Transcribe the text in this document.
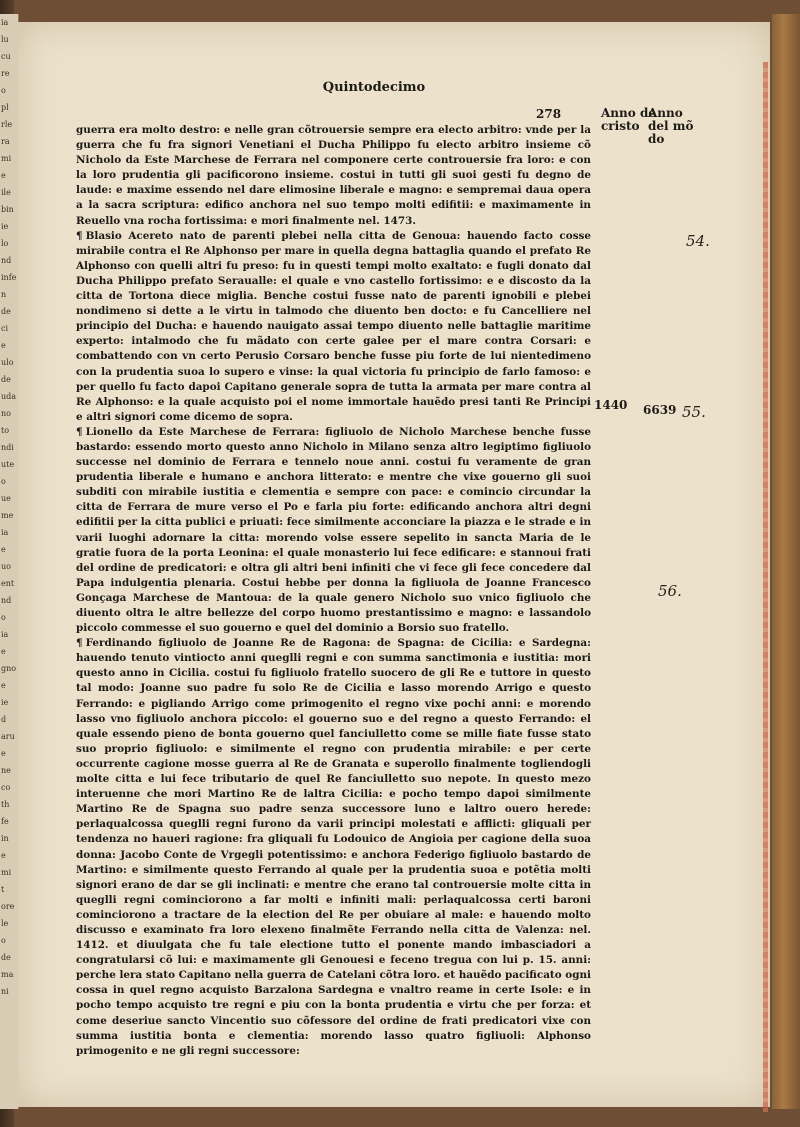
ia
lu
cu
re
o
pl
rle
ra
mi
e
ile
bin
ie
lo
nd
infe
n
de
ci
e
ulo
de
uda
no
to
ndi
ute
o
ue
me
ia
e
uo
ent
nd
o
ia
e
gno
e
ie
d
aru
e
ne
co
th
fe
in
e
mi
t
ore
le
o
de
ma
ni
Quintodecimo
278	Anno de cristo
Anno del mõ do

guerra era molto destro: e nelle gran cõtrouersie sempre era electo arbitro: vnde per la guerra che fu fra signori Venetiani el Ducha Philippo fu electo arbitro insieme cõ Nicholo da Este Marchese de Ferrara nel componere certe controuersie fra loro: e con la loro prudentia gli pacificorono insieme. costui in tutti gli suoi gesti fu degno de laude: e maxime essendo nel dare elimosine liberale e magno: e sempremai daua opera a la sacra scriptura: edifico anchora nel suo tempo molti edifitii: e maximamente in Reuello vna rocha fortissima: e mori finalmente nel. 1473.

¶ Blasio Acereto nato de parenti plebei nella citta de Genoua: hauendo facto cosse mirabile contra el Re Alphonso per mare in quella degna battaglia quando el prefato Re Alphonso con quelli altri fu preso: fu in questi tempi molto exaltato: e fugli donato dal Ducha Philippo prefato Seraualle: el quale e vno castello fortissimo: e e discosto da la citta de Tortona diece miglia. Benche costui fusse nato de parenti ignobili e plebei nondimeno si dette a le virtu in talmodo che diuento ben docto: e fu Cancelliere nel principio del Ducha: e hauendo nauigato assai tempo diuento nelle battaglie maritime experto: intalmodo che fu mãdato con certe galee per el mare contra Corsari: e combattendo con vn certo Perusio Corsaro benche fusse piu forte de lui nientedimeno con la prudentia suoa lo supero e vinse: la qual victoria fu principio de farlo famoso: e per quello fu facto dapoi Capitano generale sopra de tutta la armata per mare contra al Re Alphonso: e la quale acquisto poi el nome immortale hauẽdo presi tanti Re Principi e altri signori come dicemo de sopra.

¶ Lionello da Este Marchese de Ferrara: figliuolo de Nicholo Marchese benche fusse bastardo: essendo morto questo anno Nicholo in Milano senza altro legiptimo figliuolo successe nel dominio de Ferrara e tennelo noue anni. costui fu veramente de gran prudentia liberale e humano e anchora litterato: e mentre che vixe gouerno gli suoi subditi con mirabile iustitia e clementia e sempre con pace: e comincio circundar la citta de Ferrara de mure verso el Po e farla piu forte: edificando anchora altri degni edifitii per la citta publici e priuati: fece similmente acconciare la piazza e le strade e in varii luoghi adornare la citta: morendo volse essere sepelito in sancta Maria de le gratie fuora de la porta Leonina: el quale monasterio lui fece edificare: e stannoui frati del ordine de predicatori: e oltra gli altri beni infiniti che vi fece gli fece concedere dal Papa indulgentia plenaria. Costui hebbe per donna la figliuola de Joanne Francesco Gonçaga Marchese de Mantoua: de la quale genero Nicholo suo vnico figliuolo che diuento oltra le altre bellezze del corpo huomo prestantissimo e magno: e lassandolo piccolo commesse el suo gouerno e quel del dominio a Borsio suo fratello.

¶ Ferdinando figliuolo de Joanne Re de Ragona: de Spagna: de Cicilia: e Sardegna: hauendo tenuto vintiocto anni queglli regni e con summa sanctimonia e iustitia: mori questo anno in Cicilia. costui fu figliuolo fratello suocero de gli Re e tuttore in questo tal modo: Joanne suo padre fu solo Re de Cicilia e lasso morendo Arrigo e questo Ferrando: e pigliando Arrigo come primogenito el regno vixe pochi anni: e morendo lasso vno figliuolo anchora piccolo: el gouerno suo e del regno a questo Ferrando: el quale essendo pieno de bonta gouerno quel fanciulletto come se mille fiate fusse stato suo proprio figliuolo: e similmente el regno con prudentia mirabile: e per certe occurrente cagione mosse guerra al Re de Granata e superollo finalmente togliendogli molte citta e lui fece tributario de quel Re fanciulletto suo nepote. In questo mezo interuenne che mori Martino Re de laltra Cicilia: e pocho tempo dapoi similmente Martino Re de Spagna suo padre senza successore luno e laltro ouero herede: perlaqualcossa queglli regni furono da varii principi molestati e afflicti: gliquali per tendenza no haueri ragione: fra gliquali fu Lodouico de Angioia per cagione della suoa donna: Jacobo Conte de Vrgegli potentissimo: e anchora Federigo figliuolo bastardo de Martino: e similmente questo Ferrando al quale per la prudentia suoa e potẽtia molti signori erano de dar se gli inclinati: e mentre che erano tal controuersie molte citta in queglli regni cominciorono a far molti e infiniti mali: perlaqualcossa certi baroni cominciorono a tractare de la election del Re per obuiare al male: e hauendo molto discusso e examinato fra loro elexeno finalmẽte Ferrando nella citta de Valenza: nel. 1412. et diuulgata che fu tale electione tutto el ponente mando imbasciadori a congratularsi cõ lui: e maximamente gli Genouesi e feceno tregua con lui p. 15. anni: perche lera stato Capitano nella guerra de Catelani cõtra loro. et hauẽdo pacificato ogni cossa in quel regno acquisto Barzalona Sardegna e vnaltro reame in certe Isole: e in pocho tempo acquisto tre regni e piu con la bonta prudentia e virtu che per forza: et come deseriue sancto Vincentio suo cõfessore del ordine de frati predicatori vixe con summa iustitia bonta e clementia: morendo lasso quatro figliuoli: Alphonso primogenito e ne gli regni successore:

1440 6639
54.
55.
56.
